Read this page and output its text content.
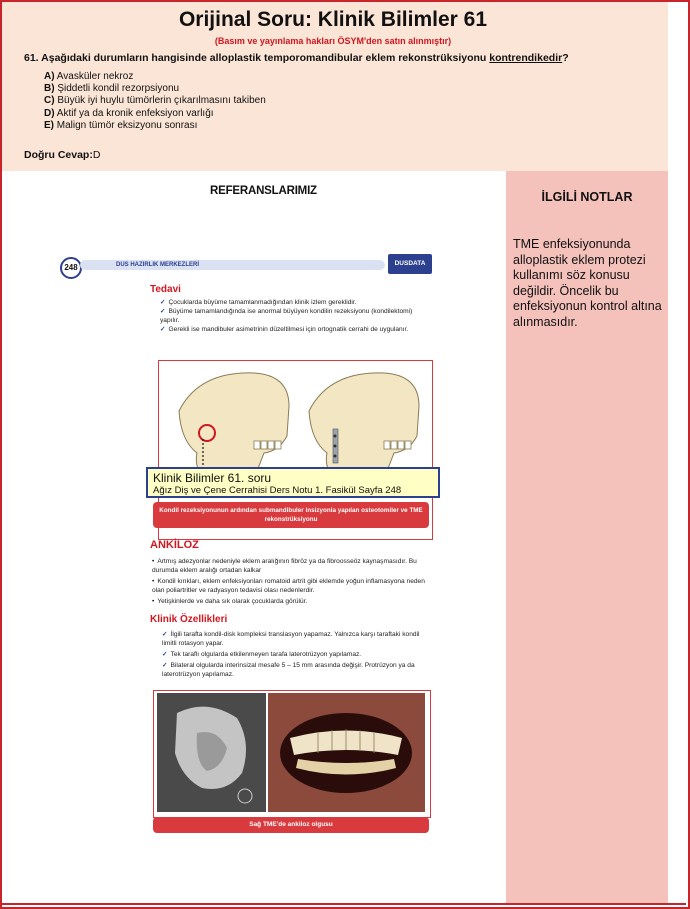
Orijinal Soru: Klinik Bilimler 61
(Basım ve yayınlama hakları ÖSYM'den satın alınmıştır)
61. Aşağıdaki durumların hangisinde alloplastik temporomandibular eklem rekonstrüksiyonu kontrendikedir?
A) Avasküler nekroz
B) Şiddetli kondil rezorpsiyonu
C) Büyük iyi huylu tümörlerin çıkarılmasını takiben
D) Aktif ya da kronik enfeksiyon varlığı
E) Malign tümör eksizyonu sonrası
Doğru Cevap:D
REFERANSLARIMIZ	İLGİLİ NOTLAR
TME enfeksiyonunda alloplastik eklem protezi kullanımı söz konusu değildir. Öncelik bu enfeksiyonun kontrol altına alınmasıdır.
248	DUS HAZIRLIK MERKEZLERİ	DUSDATA
Tedavi
✓ Çocuklarda büyüme tamamlanmadığından klinik izlem gereklidir.
✓ Büyüme tamamlandığında ise anormal büyüyen kondilin rezeksiyonu (kondilektomi) yapılır.
✓ Gerekli ise mandibuler asimetrinin düzeltilmesi için ortognatik cerrahi de uygulanır.
Kondil rezeksiyonunun ardından submandibuler insizyonla yapılan osteotomiler ve TME rekonstrüksiyonu
Klinik Bilimler 61. soru
Ağız Diş ve Çene Cerrahisi Ders Notu 1. Fasikül Sayfa 248
ANKİLOZ
• Artmış adezyonlar nedeniyle eklem aralığının fibröz ya da fibroosseöz kaynaşmasıdır. Bu durumda eklem aralığı ortadan kalkar
• Kondil kırıkları, eklem enfeksiyonları romatoid artrit gibi eklemde yoğun inflamasyona neden olan poliartritler ve radyasyon tedavisi olası nedenlerdir.
• Yetişkinlerde ve daha sık olarak çocuklarda görülür.
Klinik Özellikleri
✓ İlgili tarafta kondil-disk kompleksi translasyon yapamaz. Yalnızca karşı taraftaki kondil limitli rotasyon yapar.
✓ Tek taraflı olgularda etkilenmeyen tarafa laterotrüzyon yapılamaz.
✓ Bilateral olgularda interinsizal mesafe 5 – 15 mm arasında değişir. Protrüzyon ya da laterotrüzyon yapılamaz.
Sağ TME'de ankiloz olgusu
